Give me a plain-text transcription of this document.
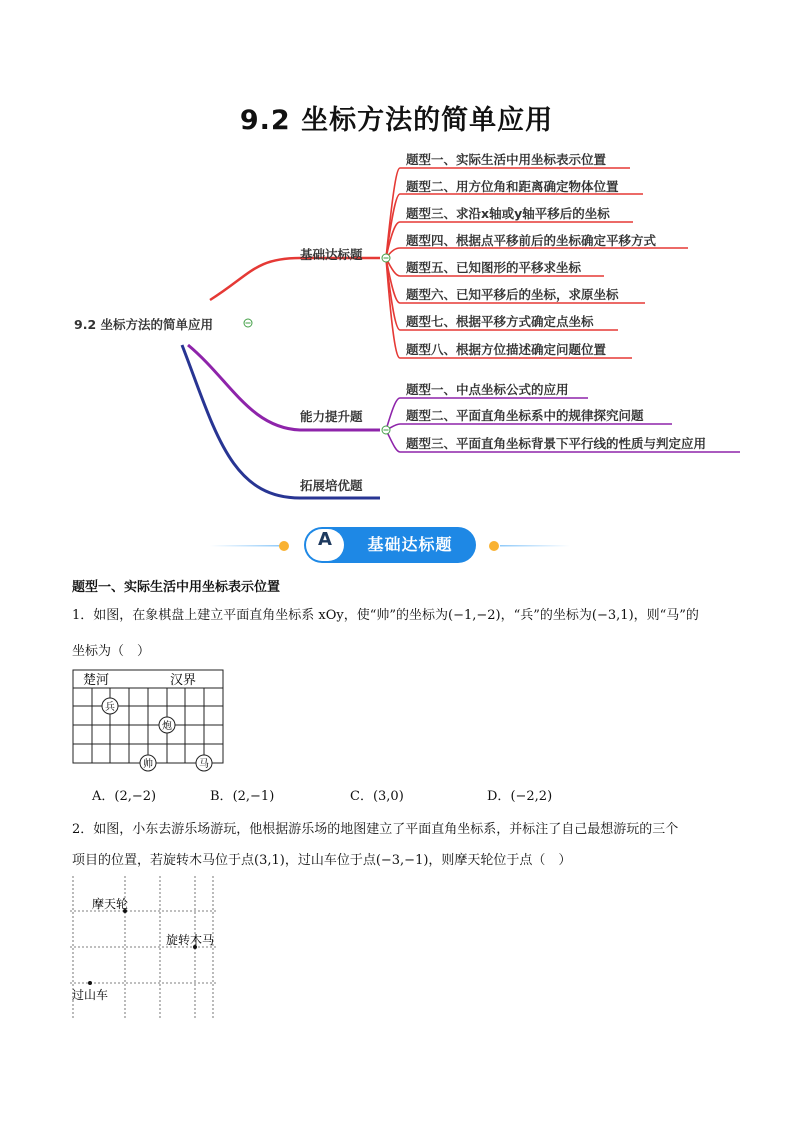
9.2 坐标方法的简单应用
9.2 坐标方法的简单应用
基础达标题
能力提升题
拓展培优题
题型一、实际生活中用坐标表示位置
题型二、用方位角和距离确定物体位置
题型三、求沿x轴或y轴平移后的坐标
题型四、根据点平移前后的坐标确定平移方式
题型五、已知图形的平移求坐标
题型六、已知平移后的坐标，求原坐标
题型七、根据平移方式确定点坐标
题型八、根据方位描述确定问题位置
题型一、中点坐标公式的应用
题型二、平面直角坐标系中的规律探究问题
题型三、平面直角坐标背景下平行线的性质与判定应用
A	基础达标题
题型一、实际生活中用坐标表示位置
1．如图，在象棋盘上建立平面直角坐标系 xOy，使“帅”的坐标为(−1,−2)，“兵”的坐标为(−3,1)，则“马”的
坐标为（　）
楚河	汉界
兵
炮
帅	马
A．(2,−2)	B．(2,−1)	C．(3,0)	D．(−2,2)
2．如图，小东去游乐场游玩，他根据游乐场的地图建立了平面直角坐标系，并标注了自己最想游玩的三个
项目的位置，若旋转木马位于点(3,1)，过山车位于点(−3,−1)，则摩天轮位于点（　）
摩天轮
旋转木马
过山车
